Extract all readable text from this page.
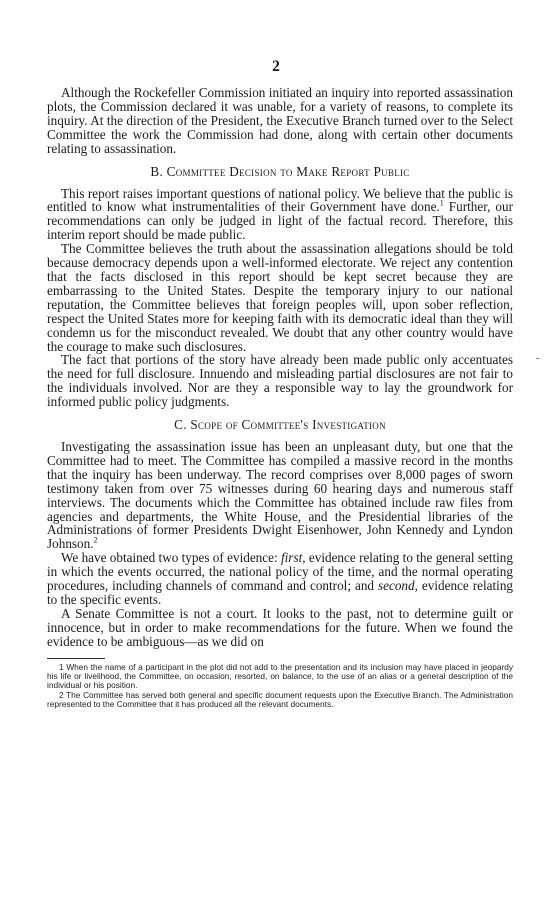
2
-

Although the Rockefeller Commission initiated an inquiry into reported assassination plots, the Commission declared it was unable, for a variety of reasons, to complete its inquiry. At the direction of the President, the Executive Branch turned over to the Select Committee the work the Commission had done, along with certain other documents relating to assassination.

B. Committee Decision to Make Report Public

This report raises important questions of national policy. We believe that the public is entitled to know what instrumentalities of their Government have done.$^1$ Further, our recommendations can only be judged in light of the factual record. Therefore, this interim report should be made public.

The Committee believes the truth about the assassination allegations should be told because democracy depends upon a well-informed electorate. We reject any contention that the facts disclosed in this report should be kept secret because they are embarrassing to the United States. Despite the temporary injury to our national reputation, the Committee believes that foreign peoples will, upon sober reflection, respect the United States more for keeping faith with its democratic ideal than they will condemn us for the misconduct revealed. We doubt that any other country would have the courage to make such disclosures.

The fact that portions of the story have already been made public only accentuates the need for full disclosure. Innuendo and misleading partial disclosures are not fair to the individuals involved. Nor are they a responsible way to lay the groundwork for informed public policy judgments.

C. Scope of Committee's Investigation

Investigating the assassination issue has been an unpleasant duty, but one that the Committee had to meet. The Committee has compiled a massive record in the months that the inquiry has been underway. The record comprises over 8,000 pages of sworn testimony taken from over 75 witnesses during 60 hearing days and numerous staff interviews. The documents which the Committee has obtained include raw files from agencies and departments, the White House, and the Presidential libraries of the Administrations of former Presidents Dwight Eisenhower, John Kennedy and Lyndon Johnson.$^2$

We have obtained two types of evidence: first, evidence relating to the general setting in which the events occurred, the national policy of the time, and the normal operating procedures, including channels of command and control; and second, evidence relating to the specific events.

A Senate Committee is not a court. It looks to the past, not to determine guilt or innocence, but in order to make recommendations for the future. When we found the evidence to be ambiguous—as we did on

1 When the name of a participant in the plot did not add to the presentation and its inclusion may have placed in jeopardy his life or livelihood, the Committee, on occasion, resorted, on balance, to the use of an alias or a general description of the individual or his position.

2 The Committee has served both general and specific document requests upon the Executive Branch. The Administration represented to the Committee that it has produced all the relevant documents.
